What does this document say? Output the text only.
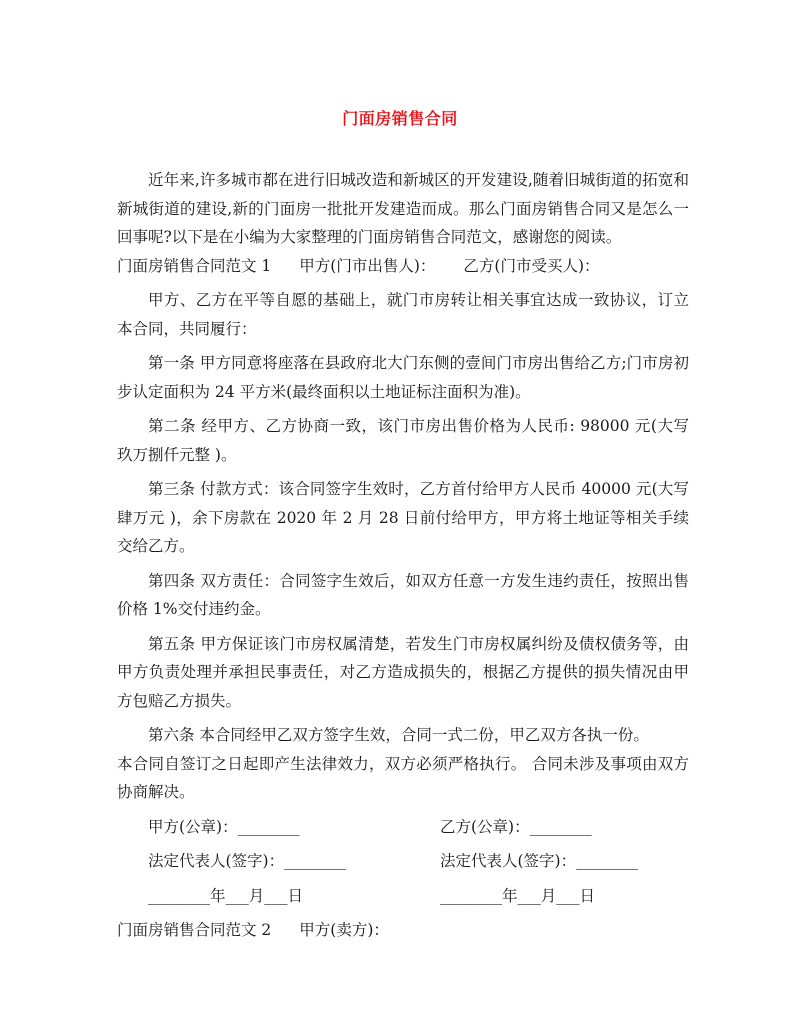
门面房销售合同

近年来,许多城市都在进行旧城改造和新城区的开发建设,随着旧城街道的拓宽和新城街道的建设,新的门面房一批批开发建造而成。那么门面房销售合同又是怎么一回事呢?以下是在小编为大家整理的门面房销售合同范文，感谢您的阅读。

门面房销售合同范文 1 甲方(门市出售人)： 乙方(门市受买人)：

甲方、乙方在平等自愿的基础上，就门市房转让相关事宜达成一致协议，订立本合同，共同履行：

第一条 甲方同意将座落在县政府北大门东侧的壹间门市房出售给乙方;门市房初步认定面积为 24 平方米(最终面积以土地证标注面积为准)。

第二条 经甲方、乙方协商一致，该门市房出售价格为人民币: 98000 元(大写 玖万捌仟元整 )。

第三条 付款方式：该合同签字生效时，乙方首付给甲方人民币 40000 元(大写 肆万元 )，余下房款在 2020 年 2 月 28 日前付给甲方，甲方将土地证等相关手续交给乙方。

第四条 双方责任：合同签字生效后，如双方任意一方发生违约责任，按照出售价格 1%交付违约金。

第五条 甲方保证该门市房权属清楚，若发生门市房权属纠纷及债权债务等，由甲方负责处理并承担民事责任，对乙方造成损失的，根据乙方提供的损失情况由甲方包赔乙方损失。

第六条 本合同经甲乙双方签字生效，合同一式二份，甲乙双方各执一份。

本合同自签订之日起即产生法律效力，双方必须严格执行。 合同未涉及事项由双方协商解决。

甲方(公章)：________	乙方(公章)：________
法定代表人(签字)：________	法定代表人(签字)：________
________年___月___日	________年___月___日
门面房销售合同范文 2 甲方(卖方)：
